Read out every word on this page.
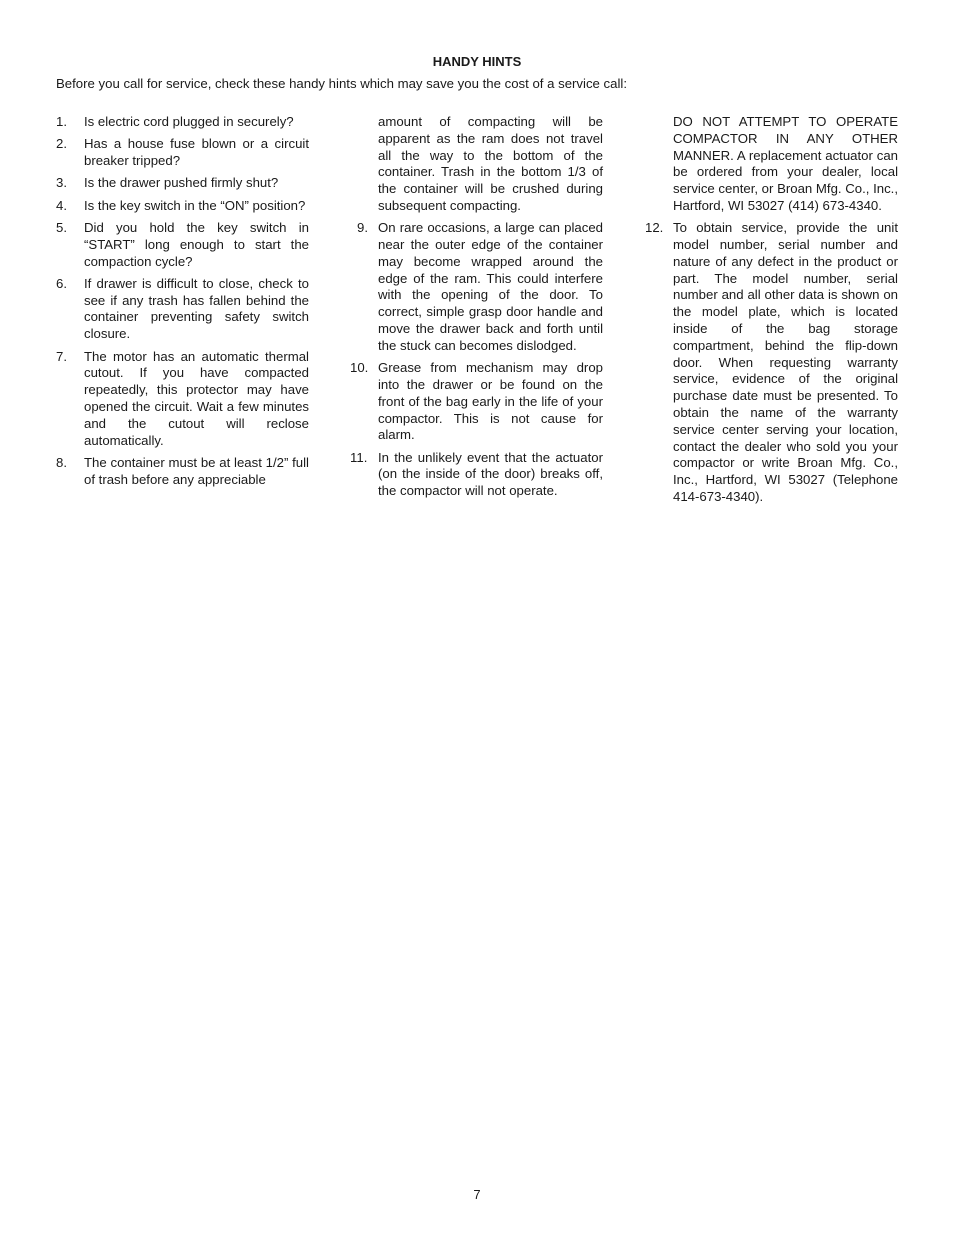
HANDY HINTS
Before you call for service, check these handy hints which may save you the cost of a service call:
1.	Is electric cord plugged in securely?
2.	Has a house fuse blown or a circuit breaker tripped?
3.	Is the drawer pushed firmly shut?
4.	Is the key switch in the “ON” position?
5.	Did you hold the key switch in “START” long enough to start the compaction cycle?
6.	If drawer is difficult to close, check to see if any trash has fallen behind the container preventing safety switch closure.
7.	The motor has an automatic thermal cutout. If you have compacted repeatedly, this protector may have opened the circuit. Wait a few minutes and the cutout will reclose automatically.
8.	The container must be at least 1/2” full of trash before any appreciable
amount of compacting will be apparent as the ram does not travel all the way to the bottom of the container. Trash in the bottom 1/3 of the container will be crushed during subsequent compacting.
9. On rare occasions, a large can placed near the outer edge of the container may become wrapped around the edge of the ram. This could interfere with the opening of the door. To correct, simple grasp door handle and move the drawer back and forth until the stuck can becomes dislodged.
10. Grease from mechanism may drop into the drawer or be found on the front of the bag early in the life of your compactor. This is not cause for alarm.
11. In the unlikely event that the actuator (on the inside of the door) breaks off, the compactor will not operate.
DO NOT ATTEMPT TO OPERATE COMPACTOR IN ANY OTHER MANNER. A replacement actuator can be ordered from your dealer, local service center, or Broan Mfg. Co., Inc., Hartford, WI 53027 (414) 673-4340.
12. To obtain service, provide the unit model number, serial number and nature of any defect in the product or part. The model number, serial number and all other data is shown on the model plate, which is located inside of the bag storage compartment, behind the flip-down door. When requesting warranty service, evidence of the original purchase date must be presented. To obtain the name of the warranty service center serving your location, contact the dealer who sold you your compactor or write Broan Mfg. Co., Inc., Hartford, WI 53027 (Telephone 414-673-4340).
7
